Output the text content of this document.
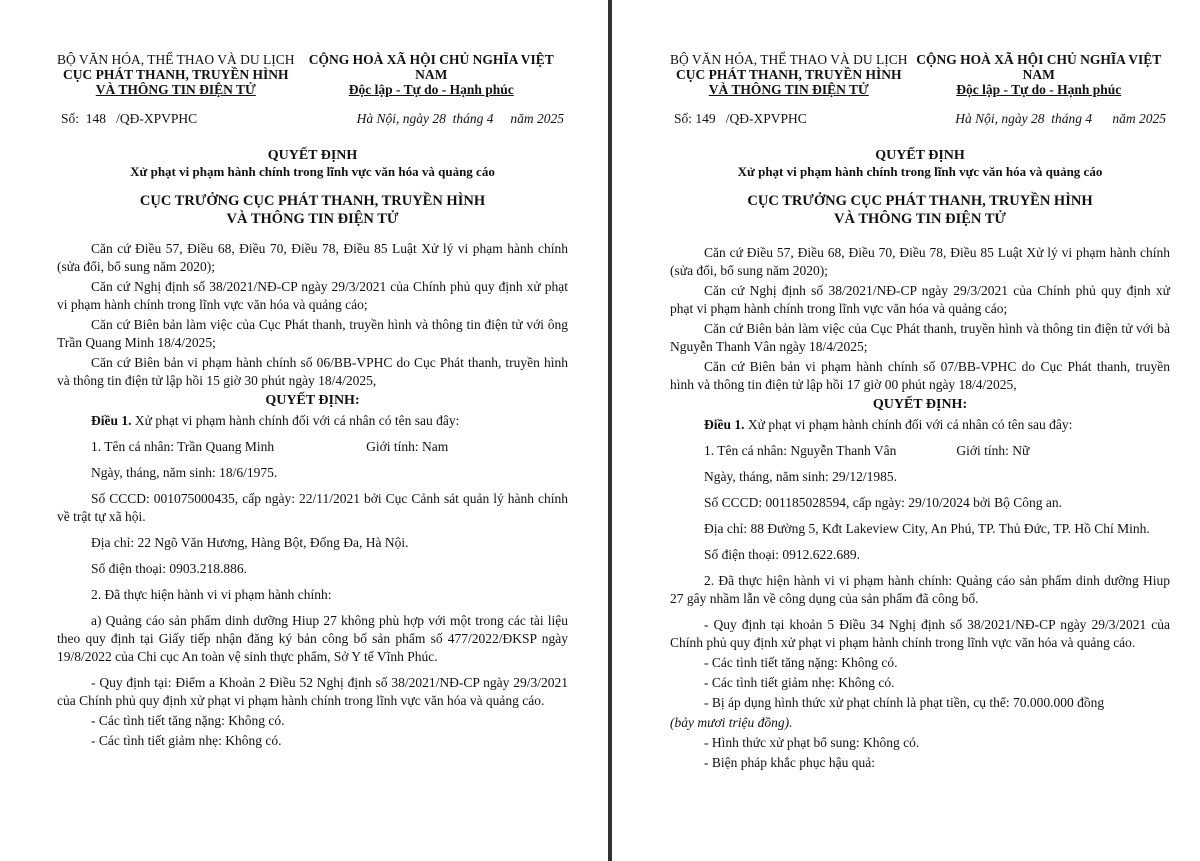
BỘ VĂN HÓA, THỂ THAO VÀ DU LỊCH
CỤC PHÁT THANH, TRUYỀN HÌNH
VÀ THÔNG TIN ĐIỆN TỬ
CỘNG HOÀ XÃ HỘI CHỦ NGHĨA VIỆT NAM
Độc lập - Tự do - Hạnh phúc
Số:  148   /QĐ-XPVPHC	Hà Nội, ngày 28  tháng 4     năm 2025
QUYẾT ĐỊNH
Xử phạt vi phạm hành chính trong lĩnh vực văn hóa và quảng cáo
CỤC TRƯỞNG CỤC PHÁT THANH, TRUYỀN HÌNH
VÀ THÔNG TIN ĐIỆN TỬ

Căn cứ Điều 57, Điều 68, Điều 70, Điều 78, Điều 85 Luật Xử lý vi phạm hành chính (sửa đổi, bổ sung năm 2020);

Căn cứ Nghị định số 38/2021/NĐ-CP ngày 29/3/2021 của Chính phủ quy định xử phạt vi phạm hành chính trong lĩnh vực văn hóa và quảng cáo;

Căn cứ Biên bản làm việc của Cục Phát thanh, truyền hình và thông tin điện tử với ông Trần Quang Minh 18/4/2025;

Căn cứ Biên bản vi phạm hành chính số 06/BB-VPHC do Cục Phát thanh, truyền hình và thông tin điện tử lập hồi 15 giờ 30 phút ngày 18/4/2025,

QUYẾT ĐỊNH:

Điều 1. Xử phạt vi phạm hành chính đối với cá nhân có tên sau đây:

1. Tên cá nhân: Trần Quang Minh	Giới tính: Nam

Ngày, tháng, năm sinh: 18/6/1975.

Số CCCD: 001075000435, cấp ngày: 22/11/2021 bởi Cục Cảnh sát quản lý hành chính về trật tự xã hội.

Địa chỉ: 22 Ngõ Văn Hương, Hàng Bột, Đống Đa, Hà Nội.

Số điện thoại: 0903.218.886.

2. Đã thực hiện hành vi vi phạm hành chính:

a) Quảng cáo sản phẩm dinh dưỡng Hiup 27 không phù hợp với một trong các tài liệu theo quy định tại Giấy tiếp nhận đăng ký bản công bố sản phẩm số 477/2022/ĐKSP ngày 19/8/2022 của Chi cục An toàn vệ sinh thực phẩm, Sở Y tế Vĩnh Phúc.

- Quy định tại: Điểm a Khoản 2 Điều 52 Nghị định số 38/2021/NĐ-CP ngày 29/3/2021 của Chính phủ quy định xử phạt vi phạm hành chính trong lĩnh vực văn hóa và quảng cáo.

- Các tình tiết tăng nặng: Không có.

- Các tình tiết giảm nhẹ: Không có.

BỘ VĂN HÓA, THỂ THAO VÀ DU LỊCH
CỤC PHÁT THANH, TRUYỀN HÌNH
VÀ THÔNG TIN ĐIỆN TỬ
CỘNG HOÀ XÃ HỘI CHỦ NGHĨA VIỆT NAM
Độc lập - Tự do - Hạnh phúc
Số: 149   /QĐ-XPVPHC	Hà Nội, ngày 28  tháng 4      năm 2025
QUYẾT ĐỊNH
Xử phạt vi phạm hành chính trong lĩnh vực văn hóa và quảng cáo
CỤC TRƯỞNG CỤC PHÁT THANH, TRUYỀN HÌNH
VÀ THÔNG TIN ĐIỆN TỬ

Căn cứ Điều 57, Điều 68, Điều 70, Điều 78, Điều 85 Luật Xử lý vi phạm hành chính (sửa đổi, bổ sung năm 2020);

Căn cứ Nghị định số 38/2021/NĐ-CP ngày 29/3/2021 của Chính phủ quy định xử phạt vi phạm hành chính trong lĩnh vực văn hóa và quảng cáo;

Căn cứ Biên bản làm việc của Cục Phát thanh, truyền hình và thông tin điện tử với bà Nguyễn Thanh Vân ngày 18/4/2025;

Căn cứ Biên bản vi phạm hành chính số 07/BB-VPHC do Cục Phát thanh, truyền hình và thông tin điện tử lập hồi 17 giờ 00 phút ngày 18/4/2025,

QUYẾT ĐỊNH:

Điều 1. Xử phạt vi phạm hành chính đối với cá nhân có tên sau đây:

1. Tên cá nhân: Nguyễn Thanh Vân	Giới tính: Nữ

Ngày, tháng, năm sinh: 29/12/1985.

Số CCCD: 001185028594, cấp ngày: 29/10/2024 bởi Bộ Công an.

Địa chỉ: 88 Đường 5, Kđt Lakeview City, An Phú, TP. Thủ Đức, TP. Hồ Chí Minh.

Số điện thoại: 0912.622.689.

2. Đã thực hiện hành vi vi phạm hành chính: Quảng cáo sản phẩm dinh dưỡng Hiup 27 gây nhầm lẫn về công dụng của sản phẩm đã công bố.

- Quy định tại khoản 5 Điều 34 Nghị định số 38/2021/NĐ-CP ngày 29/3/2021 của Chính phủ quy định xử phạt vi phạm hành chính trong lĩnh vực văn hóa và quảng cáo.

- Các tình tiết tăng nặng: Không có.

- Các tình tiết giảm nhẹ: Không có.

- Bị áp dụng hình thức xử phạt chính là phạt tiền, cụ thể: 70.000.000 đồng

(bảy mươi triệu đồng).

- Hình thức xử phạt bổ sung: Không có.

- Biện pháp khắc phục hậu quả:
